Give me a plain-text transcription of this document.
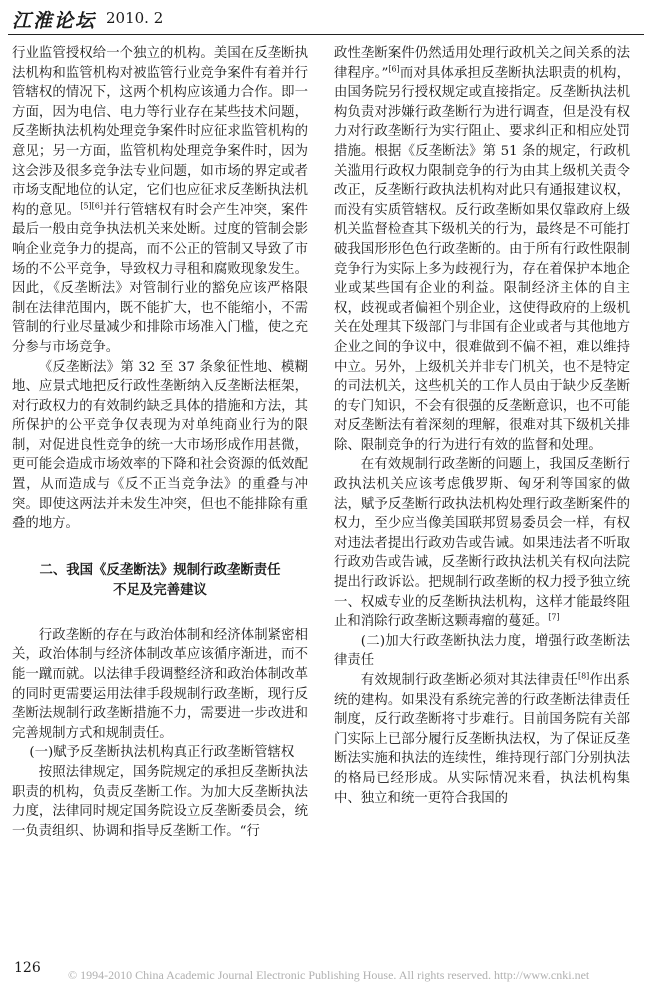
江淮论坛 2010. 2

行业监管授权给一个独立的机构。美国在反垄断执法机构和监管机构对被监管行业竞争案件有着并行管辖权的情况下，这两个机构应该通力合作。即一方面，因为电信、电力等行业存在某些技术问题，反垄断执法机构处理竞争案件时应征求监管机构的意见；另一方面，监管机构处理竞争案件时，因为这会涉及很多竞争法专业问题，如市场的界定或者市场支配地位的认定，它们也应征求反垄断执法机构的意见。[5][6]并行管辖权有时会产生冲突，案件最后一般由竞争执法机关来处断。过度的管制会影响企业竞争力的提高，而不公正的管制又导致了市场的不公平竞争，导致权力寻租和腐败现象发生。因此，《反垄断法》对管制行业的豁免应该严格限制在法律范围内，既不能扩大，也不能缩小，不需管制的行业尽量减少和排除市场准入门槛，使之充分参与市场竞争。

《反垄断法》第 32 至 37 条象征性地、模糊地、应景式地把反行政性垄断纳入反垄断法框架，对行政权力的有效制约缺乏具体的措施和方法，其所保护的公平竞争仅表现为对单纯商业行为的限制，对促进良性竞争的统一大市场形成作用甚微，更可能会造成市场效率的下降和社会资源的低效配置，从而造成与《反不正当竞争法》的重叠与冲突。即使这两法并未发生冲突，但也不能排除有重叠的地方。

二、我国《反垄断法》规制行政垄断责任
不足及完善建议

行政垄断的存在与政治体制和经济体制紧密相关，政治体制与经济体制改革应该循序渐进，而不能一蹴而就。以法律手段调整经济和政治体制改革的同时更需要运用法律手段规制行政垄断，现行反垄断法规制行政垄断措施不力，需要进一步改进和完善规制方式和规制责任。

(一)赋予反垄断执法机构真正行政垄断管辖权

按照法律规定，国务院规定的承担反垄断执法职责的机构，负责反垄断工作。为加大反垄断执法力度，法律同时规定国务院设立反垄断委员会，统一负责组织、协调和指导反垄断工作。“行

政性垄断案件仍然适用处理行政机关之间关系的法律程序。”[6]而对具体承担反垄断执法职责的机构，由国务院另行授权规定或直接指定。反垄断执法机构负责对涉嫌行政垄断行为进行调查，但是没有权力对行政垄断行为实行阻止、要求纠正和相应处罚措施。根据《反垄断法》第 51 条的规定，行政机关滥用行政权力限制竞争的行为由其上级机关责令改正，反垄断行政执法机构对此只有通报建议权，而没有实质管辖权。反行政垄断如果仅靠政府上级机关监督检查其下级机关的行为，最终是不可能打破我国形形色色行政垄断的。由于所有行政性限制竞争行为实际上多为歧视行为，存在着保护本地企业或某些国有企业的利益。限制经济主体的自主权，歧视或者偏袒个别企业，这使得政府的上级机关在处理其下级部门与非国有企业或者与其他地方企业之间的争议中，很难做到不偏不袒，难以维持中立。另外，上级机关并非专门机关，也不是特定的司法机关，这些机关的工作人员由于缺少反垄断的专门知识，不会有很强的反垄断意识，也不可能对反垄断法有着深刻的理解，很难对其下级机关排除、限制竞争的行为进行有效的监督和处理。

在有效规制行政垄断的问题上，我国反垄断行政执法机关应该考虑俄罗斯、匈牙利等国家的做法，赋予反垄断行政执法机构处理行政垄断案件的权力，至少应当像美国联邦贸易委员会一样，有权对违法者提出行政劝告或告诫。如果违法者不听取行政劝告或告诫，反垄断行政执法机关有权向法院提出行政诉讼。把规制行政垄断的权力授予独立统一、权威专业的反垄断执法机构，这样才能最终阻止和消除行政垄断这颗毒瘤的蔓延。[7]

(二)加大行政垄断执法力度，增强行政垄断法律责任

有效规制行政垄断必须对其法律责任[8]作出系统的建构。如果没有系统完善的行政垄断法律责任制度，反行政垄断将寸步难行。目前国务院有关部门实际上已部分履行反垄断执法权，为了保证反垄断法实施和执法的连续性，维持现行部门分别执法的格局已经形成。从实际情况来看，执法机构集中、独立和统一更符合我国的

126 © 1994-2010 China Academic Journal Electronic Publishing House. All rights reserved. http://www.cnki.net
